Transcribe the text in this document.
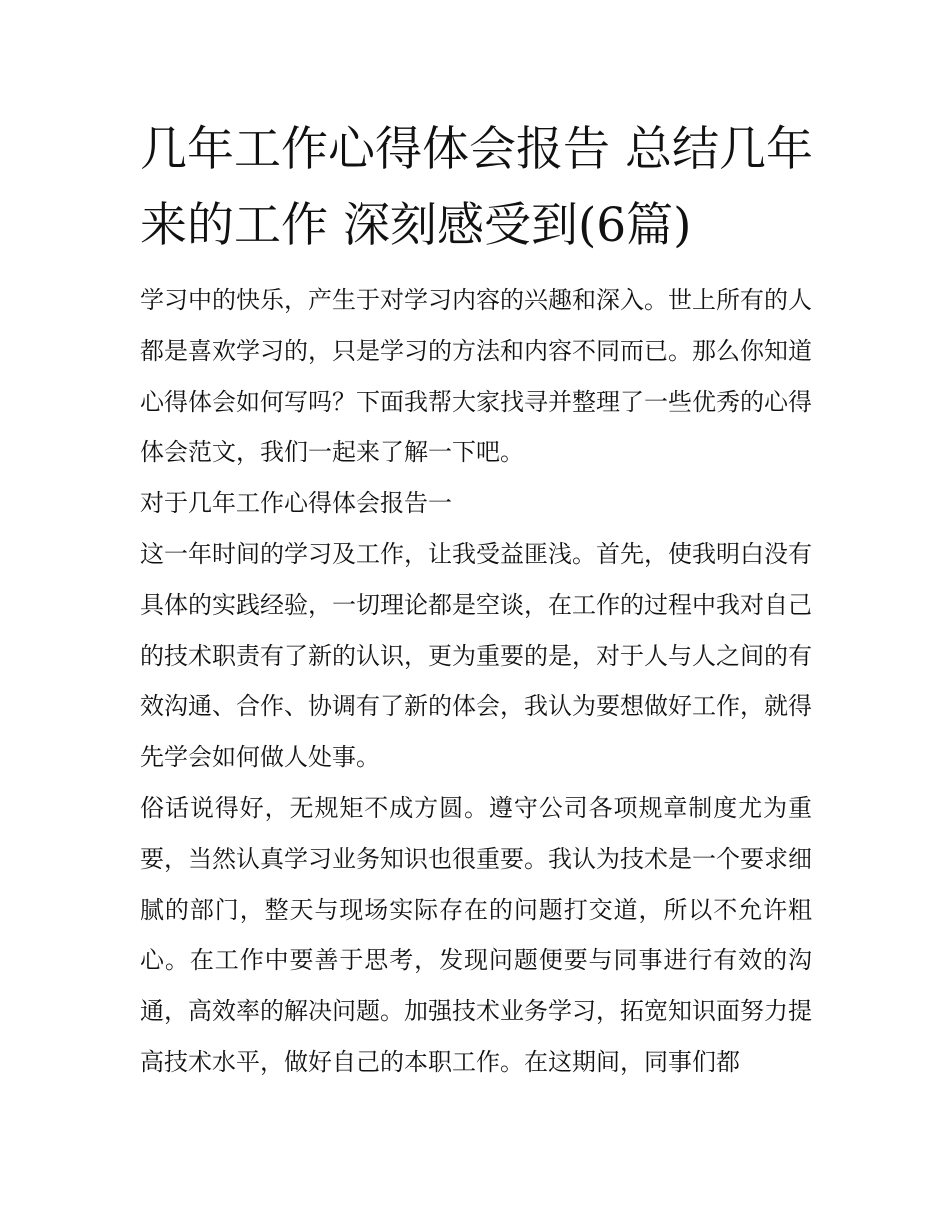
几年工作心得体会报告 总结几年来的工作 深刻感受到(6篇)

学习中的快乐，产生于对学习内容的兴趣和深入。世上所有的人都是喜欢学习的，只是学习的方法和内容不同而已。那么你知道心得体会如何写吗？下面我帮大家找寻并整理了一些优秀的心得体会范文，我们一起来了解一下吧。

对于几年工作心得体会报告一

这一年时间的学习及工作，让我受益匪浅。首先，使我明白没有具体的实践经验，一切理论都是空谈，在工作的过程中我对自己的技术职责有了新的认识，更为重要的是，对于人与人之间的有效沟通、合作、协调有了新的体会，我认为要想做好工作，就得先学会如何做人处事。

俗话说得好，无规矩不成方圆。遵守公司各项规章制度尤为重要，当然认真学习业务知识也很重要。我认为技术是一个要求细腻的部门，整天与现场实际存在的问题打交道，所以不允许粗心。在工作中要善于思考，发现问题便要与同事进行有效的沟通，高效率的解决问题。加强技术业务学习，拓宽知识面努力提高技术水平，做好自己的本职工作。在这期间，同事们都
